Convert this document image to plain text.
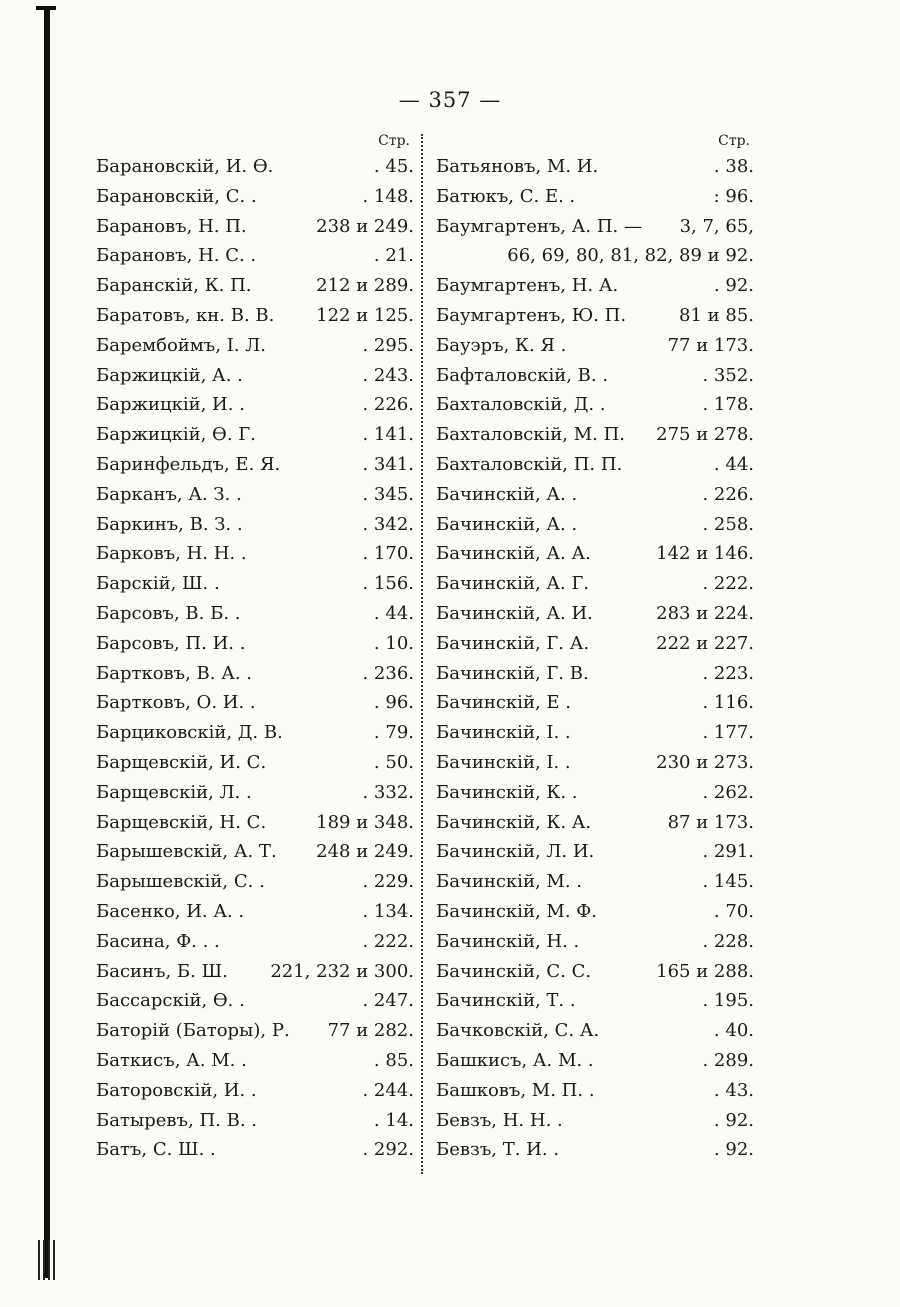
— 357 —
Стр.
Барановскій, И. Ѳ.	. 45.
Барановскій, С. .	. 148.
Барановъ, Н. П.	238 и 249.
Барановъ, Н. С. .	. 21.
Баранскій, К. П.	212 и 289.
Баратовъ, кн. В. В. 122 и 125.
Барембоймъ, І. Л.	. 295.
Баржицкій, А. .	. 243.
Баржицкій, И. .	. 226.
Баржицкій, Ѳ. Г.	. 141.
Баринфельдъ, Е. Я.	. 341.
Барканъ, А. З. .	. 345.
Баркинъ, В. З. .	. 342.
Барковъ, Н. Н. .	. 170.
Барскій, Ш. .	. 156.
Барсовъ, В. Б. .	. 44.
Барсовъ, П. И. .	. 10.
Бартковъ, В. А. .	. 236.
Бартковъ, О. И. .	. 96.
Барциковскій, Д. В.	. 79.
Барщевскій, И. С.	. 50.
Барщевскій, Л. .	. 332.
Барщевскій, Н. С.	189 и 348.
Барышевскій, А. Т. 248 и 249.
Барышевскій, С. .	. 229.
Басенко, И. А. .	. 134.
Басина, Ф. . .	. 222.
Басинъ, Б. Ш. 221, 232 и 300.
Бассарскій, Ѳ. .	. 247.
Баторій (Баторы), Р. 77 и 282.
Баткисъ, А. М. .	. 85.
Баторовскій, И. .	. 244.
Батыревъ, П. В. .	. 14.
Батъ, С. Ш. .	. 292.
Стр.
Батьяновъ, М. И.	. 38.
Батюкъ, С. Е. .	: 96.
Баумгартенъ, А. П. — 3, 7, 65,
66, 69, 80, 81, 82, 89 и 92.
Баумгартенъ, Н. А.	. 92.
Баумгартенъ, Ю. П.	81 и 85.
Бауэръ, К. Я .	77 и 173.
Бафталовскій, В. .	. 352.
Бахталовскій, Д. .	. 178.
Бахталовскій, М. П. 275 и 278.
Бахталовскій, П. П.	. 44.
Бачинскій, А. .	. 226.
Бачинскій, А. .	. 258.
Бачинскій, А. А.	142 и 146.
Бачинскій, А. Г.	. 222.
Бачинскій, А. И.	283 и 224.
Бачинскій, Г. А.	222 и 227.
Бачинскій, Г. В.	. 223.
Бачинскій, Е .	. 116.
Бачинскій, І. .	. 177.
Бачинскій, І. .	230 и 273.
Бачинскій, К. .	. 262.
Бачинскій, К. А.	87 и 173.
Бачинскій, Л. И.	. 291.
Бачинскій, М. .	. 145.
Бачинскій, М. Ф.	. 70.
Бачинскій, Н. .	. 228.
Бачинскій, С. С.	165 и 288.
Бачинскій, Т. .	. 195.
Бачковскій, С. А.	. 40.
Башкисъ, А. М. .	. 289.
Башковъ, М. П. .	. 43.
Бевзъ, Н. Н. .	. 92.
Бевзъ, Т. И. .	. 92.
